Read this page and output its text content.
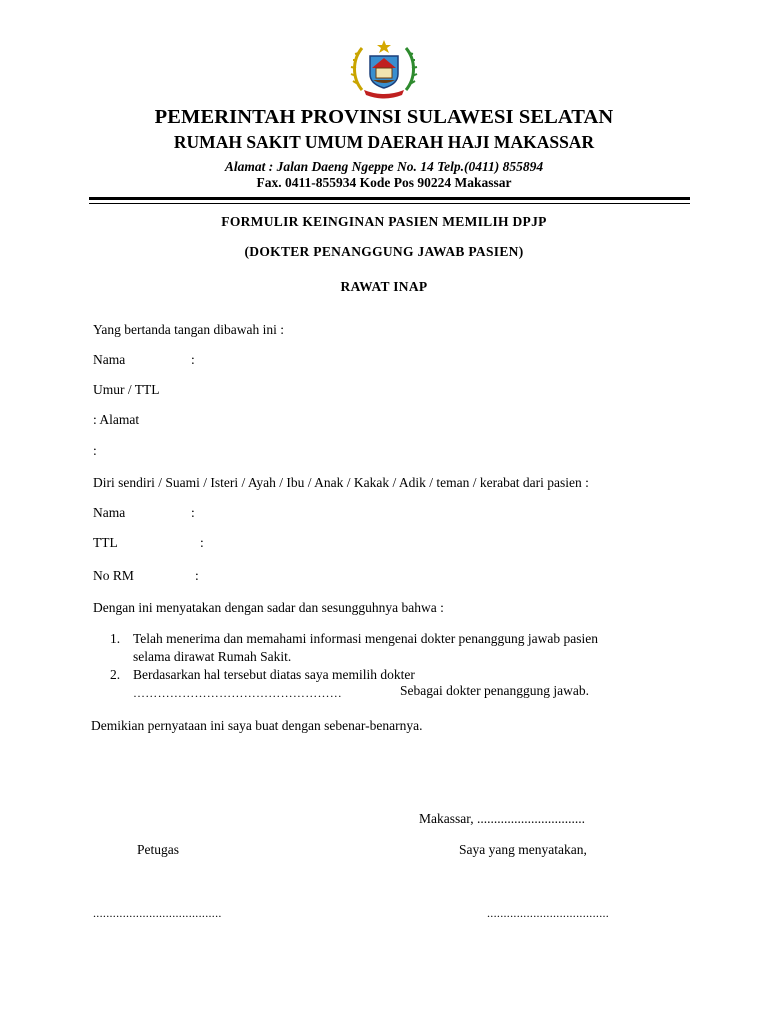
PEMERINTAH PROVINSI SULAWESI SELATAN
RUMAH SAKIT UMUM DAERAH HAJI MAKASSAR
Alamat : Jalan Daeng Ngeppe No. 14 Telp.(0411) 855894
Fax. 0411-855934 Kode Pos 90224 Makassar
FORMULIR KEINGINAN PASIEN MEMILIH DPJP
(DOKTER PENANGGUNG JAWAB PASIEN)
RAWAT INAP
Yang bertanda tangan dibawah ini :
Nama	:
Umur / TTL
: Alamat
:
Diri sendiri / Suami / Isteri / Ayah / Ibu / Anak / Kakak / Adik / teman / kerabat dari pasien :
Nama	:
TTL	:
No RM	:
Dengan ini menyatakan dengan sadar dan sesungguhnya bahwa :
1. Telah menerima dan memahami informasi mengenai dokter penanggung jawab pasien
selama dirawat Rumah Sakit.
2. Berdasarkan hal tersebut diatas saya memilih dokter
……………………………………………	Sebagai dokter penanggung jawab.
Demikian pernyataan ini saya buat dengan sebenar-benarnya.
Makassar, ................................
Petugas	Saya yang menyatakan,
.......................................	.....................................
